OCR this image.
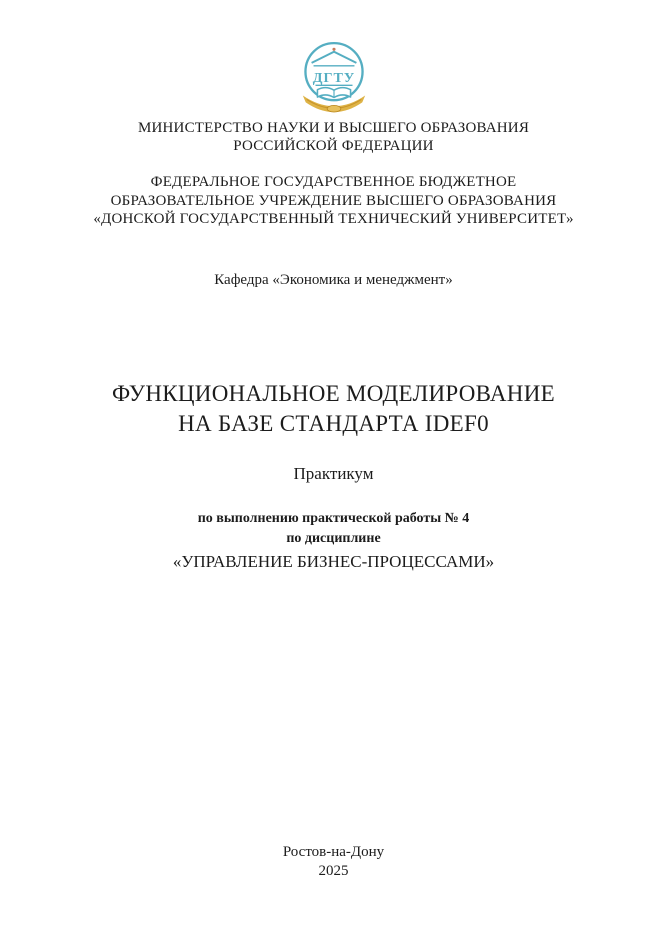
ДГТУ
МИНИСТЕРСТВО НАУКИ И ВЫСШЕГО ОБРАЗОВАНИЯ
РОССИЙСКОЙ ФЕДЕРАЦИИ
ФЕДЕРАЛЬНОЕ ГОСУДАРСТВЕННОЕ БЮДЖЕТНОЕ
ОБРАЗОВАТЕЛЬНОЕ УЧРЕЖДЕНИЕ ВЫСШЕГО ОБРАЗОВАНИЯ
«ДОНСКОЙ ГОСУДАРСТВЕННЫЙ ТЕХНИЧЕСКИЙ УНИВЕРСИТЕТ»
Кафедра «Экономика и менеджмент»
ФУНКЦИОНАЛЬНОЕ МОДЕЛИРОВАНИЕ
НА БАЗЕ СТАНДАРТА IDEF0
Практикум
по выполнению практической работы № 4
по дисциплине
«УПРАВЛЕНИЕ БИЗНЕС-ПРОЦЕССАМИ»
Ростов-на-Дону
2025
